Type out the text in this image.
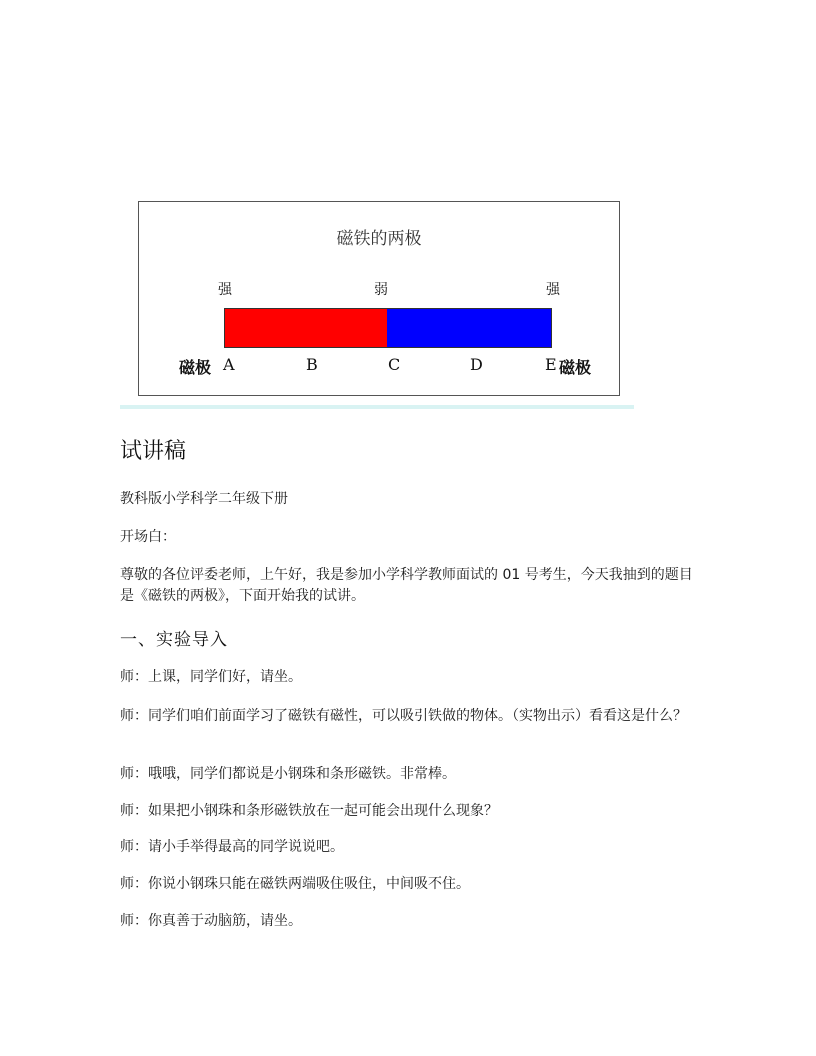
磁铁的两极
强	弱	强
磁极 A	B	C	D	E 磁极
试讲稿
教科版小学科学二年级下册
开场白：
尊敬的各位评委老师，上午好，我是参加小学科学教师面试的 01 号考生，今天我抽到的题目是《磁铁的两极》，下面开始我的试讲。
一、实验导入
师：上课，同学们好，请坐。
师：同学们咱们前面学习了磁铁有磁性，可以吸引铁做的物体。（实物出示）看看这是什么？
师：哦哦，同学们都说是小钢珠和条形磁铁。非常棒。
师：如果把小钢珠和条形磁铁放在一起可能会出现什么现象？
师：请小手举得最高的同学说说吧。
师：你说小钢珠只能在磁铁两端吸住吸住，中间吸不住。
师：你真善于动脑筋，请坐。
